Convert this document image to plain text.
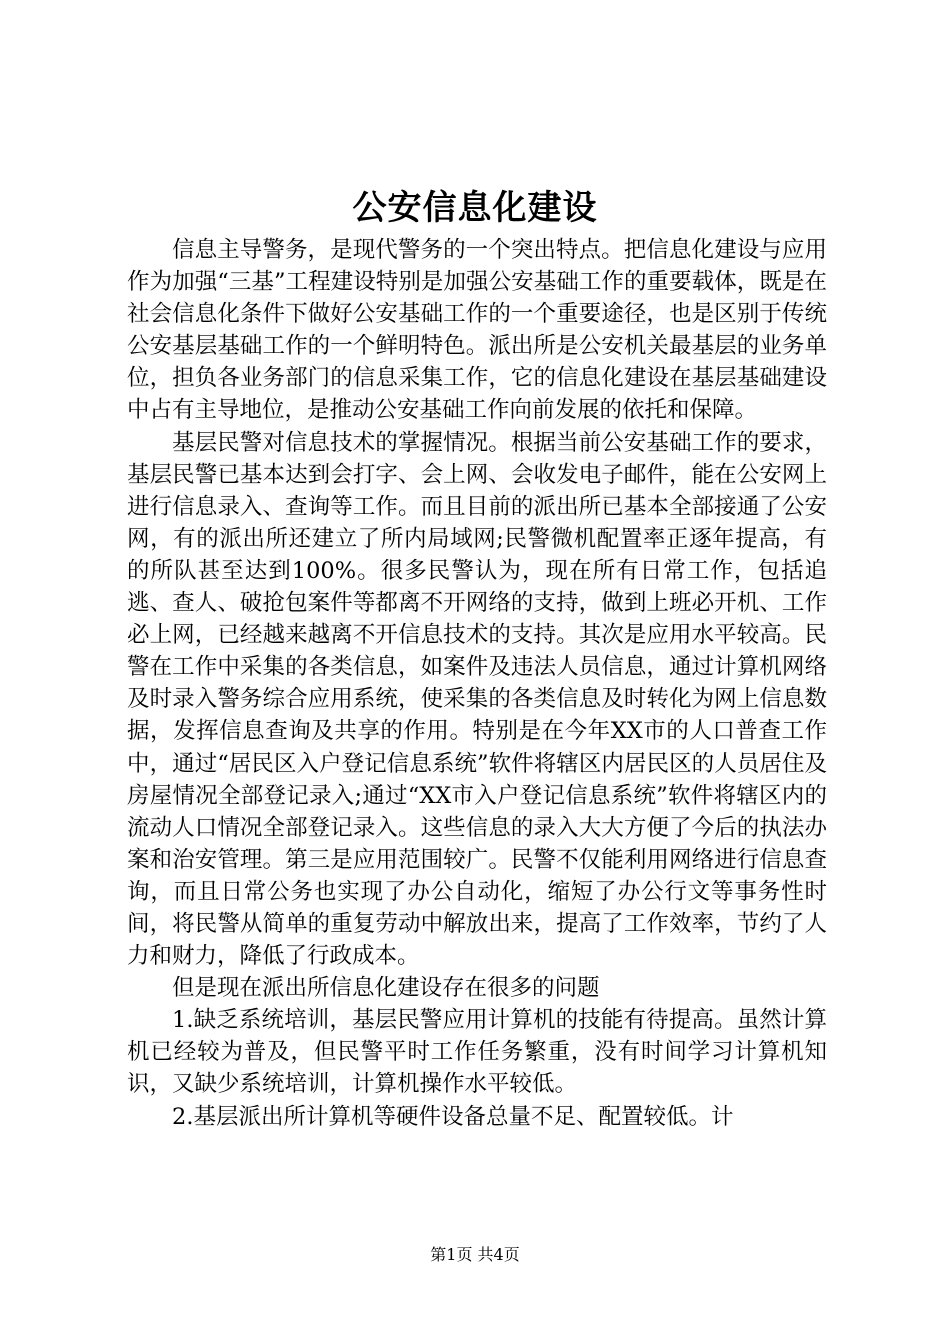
公安信息化建设

信息主导警务，是现代警务的一个突出特点。把信息化建设与应用作为加强“三基”工程建设特别是加强公安基础工作的重要载体，既是在社会信息化条件下做好公安基础工作的一个重要途径，也是区别于传统公安基层基础工作的一个鲜明特色。派出所是公安机关最基层的业务单位，担负各业务部门的信息采集工作，它的信息化建设在基层基础建设中占有主导地位，是推动公安基础工作向前发展的依托和保障。

基层民警对信息技术的掌握情况。根据当前公安基础工作的要求，基层民警已基本达到会打字、会上网、会收发电子邮件，能在公安网上进行信息录入、查询等工作。而且目前的派出所已基本全部接通了公安网，有的派出所还建立了所内局域网;民警微机配置率正逐年提高，有的所队甚至达到100%。很多民警认为，现在所有日常工作，包括追逃、查人、破抢包案件等都离不开网络的支持，做到上班必开机、工作必上网，已经越来越离不开信息技术的支持。其次是应用水平较高。民警在工作中采集的各类信息，如案件及违法人员信息，通过计算机网络及时录入警务综合应用系统，使采集的各类信息及时转化为网上信息数据，发挥信息查询及共享的作用。特别是在今年XX市的人口普查工作中，通过“居民区入户登记信息系统”软件将辖区内居民区的人员居住及房屋情况全部登记录入;通过“XX市入户登记信息系统”软件将辖区内的流动人口情况全部登记录入。这些信息的录入大大方便了今后的执法办案和治安管理。第三是应用范围较广。民警不仅能利用网络进行信息查询，而且日常公务也实现了办公自动化，缩短了办公行文等事务性时间，将民警从简单的重复劳动中解放出来，提高了工作效率，节约了人力和财力，降低了行政成本。

但是现在派出所信息化建设存在很多的问题

1.缺乏系统培训，基层民警应用计算机的技能有待提高。虽然计算机已经较为普及，但民警平时工作任务繁重，没有时间学习计算机知识，又缺少系统培训，计算机操作水平较低。

2.基层派出所计算机等硬件设备总量不足、配置较低。计

第1页 共4页
